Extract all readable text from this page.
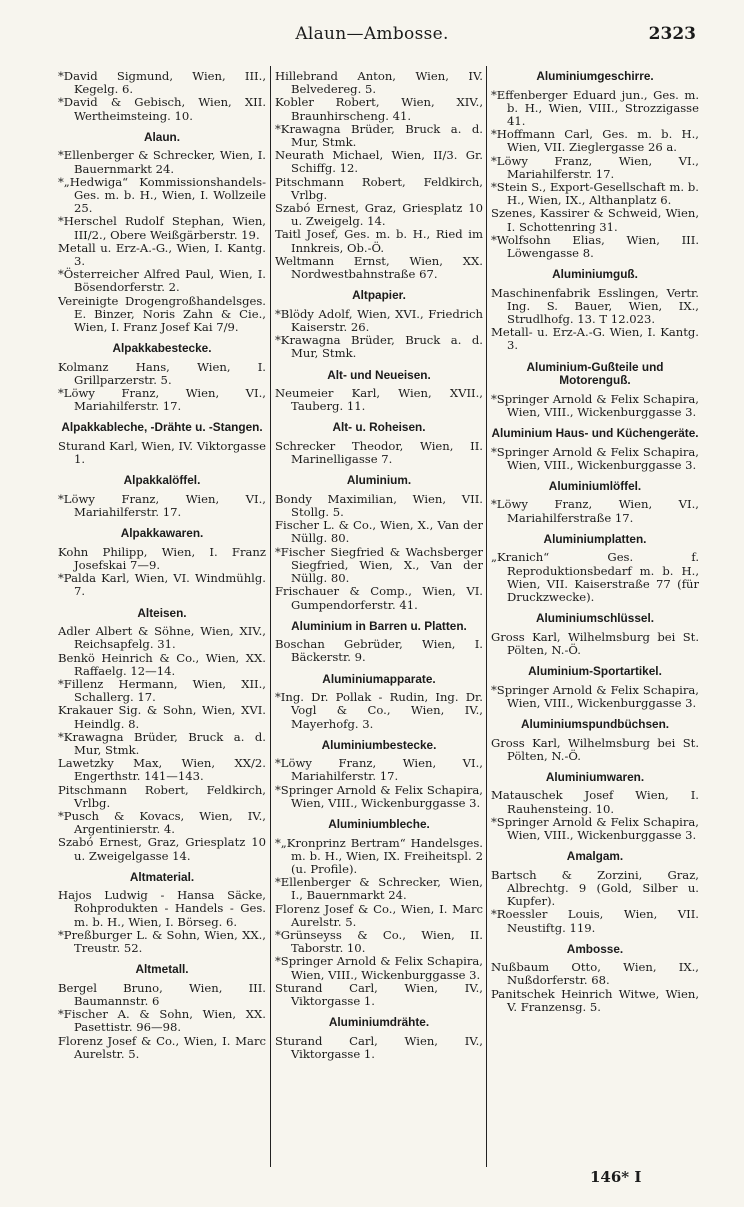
Alaun—Ambosse.	2323

*David Sigmund, Wien, III., Kegelg. 6.

*David & Gebisch, Wien, XII. Wertheimsteing. 10.

Alaun.

*Ellenberger & Schrecker, Wien, I. Bauernmarkt 24.

*„Hedwiga“ Kommissionshandels-Ges. m. b. H., Wien, I. Wollzeile 25.

*Herschel Rudolf Stephan, Wien, III/2., Obere Weißgärberstr. 19.

Metall u. Erz-A.-G., Wien, I. Kantg. 3.

*Österreicher Alfred Paul, Wien, I. Bösendorferstr. 2.

Vereinigte Drogengroßhandelsges. E. Binzer, Noris Zahn & Cie., Wien, I. Franz Josef Kai 7/9.

Alpakkabestecke.

Kolmanz Hans, Wien, I. Grillparzerstr. 5.

*Löwy Franz, Wien, VI., Mariahilferstr. 17.

Alpakkableche, -Drähte u. -Stangen.

Sturand Karl, Wien, IV. Viktorgasse 1.

Alpakkalöffel.

*Löwy Franz, Wien, VI., Mariahilferstr. 17.

Alpakkawaren.

Kohn Philipp, Wien, I. Franz Josefskai 7—9.

*Palda Karl, Wien, VI. Windmühlg. 7.

Alteisen.

Adler Albert & Söhne, Wien, XIV., Reichsapfelg. 31.

Benkö Heinrich & Co., Wien, XX. Raffaelg. 12—14.

*Fillenz Hermann, Wien, XII., Schallerg. 17.

Krakauer Sig. & Sohn, Wien, XVI. Heindlg. 8.

*Krawagna Brüder, Bruck a. d. Mur, Stmk.

Lawetzky Max, Wien, XX/2. Engerthstr. 141—143.

Pitschmann Robert, Feldkirch, Vrlbg.

*Pusch & Kovacs, Wien, IV., Argentinierstr. 4.

Szabó Ernest, Graz, Griesplatz 10 u. Zweigelgasse 14.

Altmaterial.

Hajos Ludwig - Hansa Säcke, Rohprodukten - Handels - Ges. m. b. H., Wien, I. Börseg. 6.

*Preßburger L. & Sohn, Wien, XX., Treustr. 52.

Altmetall.

Bergel Bruno, Wien, III. Baumannstr. 6

*Fischer A. & Sohn, Wien, XX. Pasettistr. 96—98.

Florenz Josef & Co., Wien, I. Marc Aurelstr. 5.

Hillebrand Anton, Wien, IV. Belvedereg. 5.

Kobler Robert, Wien, XIV., Braunhirscheng. 41.

*Krawagna Brüder, Bruck a. d. Mur, Stmk.

Neurath Michael, Wien, II/3. Gr. Schiffg. 12.

Pitschmann Robert, Feldkirch, Vrlbg.

Szabó Ernest, Graz, Griesplatz 10 u. Zweigelg. 14.

Taitl Josef, Ges. m. b. H., Ried im Innkreis, Ob.-Ö.

Weltmann Ernst, Wien, XX. Nordwestbahnstraße 67.

Altpapier.

*Blödy Adolf, Wien, XVI., Friedrich Kaiserstr. 26.

*Krawagna Brüder, Bruck a. d. Mur, Stmk.

Alt- und Neueisen.

Neumeier Karl, Wien, XVII., Tauberg. 11.

Alt- u. Roheisen.

Schrecker Theodor, Wien, II. Marinelligasse 7.

Aluminium.

Bondy Maximilian, Wien, VII. Stollg. 5.

Fischer L. & Co., Wien, X., Van der Nüllg. 80.

*Fischer Siegfried & Wachsberger Siegfried, Wien, X., Van der Nüllg. 80.

Frischauer & Comp., Wien, VI. Gumpendorferstr. 41.

Aluminium in Barren u. Platten.

Boschan Gebrüder, Wien, I. Bäckerstr. 9.

Aluminiumapparate.

*Ing. Dr. Pollak - Rudin, Ing. Dr. Vogl & Co., Wien, IV., Mayerhofg. 3.

Aluminiumbestecke.

*Löwy Franz, Wien, VI., Mariahilferstr. 17.

*Springer Arnold & Felix Schapira, Wien, VIII., Wickenburggasse 3.

Aluminiumbleche.

*„Kronprinz Bertram“ Handelsges. m. b. H., Wien, IX. Freiheitspl. 2 (u. Profile).

*Ellenberger & Schrecker, Wien, I., Bauernmarkt 24.

Florenz Josef & Co., Wien, I. Marc Aurelstr. 5.

*Grünseyss & Co., Wien, II. Taborstr. 10.

*Springer Arnold & Felix Schapira, Wien, VIII., Wickenburggasse 3.

Sturand Carl, Wien, IV., Viktorgasse 1.

Aluminiumdrähte.

Sturand Carl, Wien, IV., Viktorgasse 1.

Aluminiumgeschirre.

*Effenberger Eduard jun., Ges. m. b. H., Wien, VIII., Strozzigasse 41.

*Hoffmann Carl, Ges. m. b. H., Wien, VII. Zieglergasse 26 a.

*Löwy Franz, Wien, VI., Mariahilferstr. 17.

*Stein S., Export-Gesellschaft m. b. H., Wien, IX., Althanplatz 6.

Szenes, Kassirer & Schweid, Wien, I. Schottenring 31.

*Wolfsohn Elias, Wien, III. Löwengasse 8.

Aluminiumguß.

Maschinenfabrik Esslingen, Vertr. Ing. S. Bauer, Wien, IX., Strudlhofg. 13. T 12.023.

Metall- u. Erz-A.-G. Wien, I. Kantg. 3.

Aluminium-Gußteile und Motorenguß.

*Springer Arnold & Felix Schapira, Wien, VIII., Wickenburggasse 3.

Aluminium Haus- und Küchengeräte.

*Springer Arnold & Felix Schapira, Wien, VIII., Wickenburggasse 3.

Aluminiumlöffel.

*Löwy Franz, Wien, VI., Mariahilferstraße 17.

Aluminiumplatten.

„Kranich“ Ges. f. Reproduktionsbedarf m. b. H., Wien, VII. Kaiserstraße 77 (für Druckzwecke).

Aluminiumschlüssel.

Gross Karl, Wilhelmsburg bei St. Pölten, N.-Ö.

Aluminium-Sportartikel.

*Springer Arnold & Felix Schapira, Wien, VIII., Wickenburggasse 3.

Aluminiumspundbüchsen.

Gross Karl, Wilhelmsburg bei St. Pölten, N.-Ö.

Aluminiumwaren.

Matauschek Josef Wien, I. Rauhensteing. 10.

*Springer Arnold & Felix Schapira, Wien, VIII., Wickenburggasse 3.

Amalgam.

Bartsch & Zorzini, Graz, Albrechtg. 9 (Gold, Silber u. Kupfer).

*Roessler Louis, Wien, VII. Neustiftg. 119.

Ambosse.

Nußbaum Otto, Wien, IX., Nußdorferstr. 68.

Panitschek Heinrich Witwe, Wien, V. Franzensg. 5.

146* I
